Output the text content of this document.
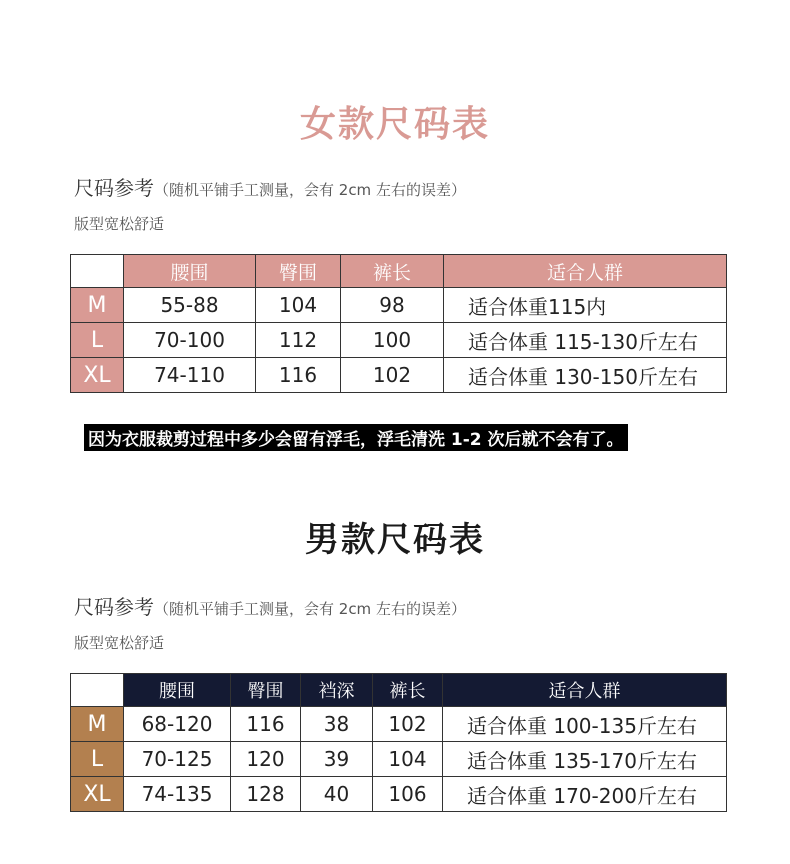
女款尺码表
尺码参考（随机平铺手工测量，会有 2cm 左右的误差）
版型宽松舒适
	腰围	臀围	裤长	适合人群
M	55-88	104	98	适合体重115内
L	70-100	112	100	适合体重 115-130斤左右
XL	74-110	116	102	适合体重 130-150斤左右
因为衣服裁剪过程中多少会留有浮毛，浮毛清洗 1-2 次后就不会有了。
男款尺码表
尺码参考（随机平铺手工测量，会有 2cm 左右的误差）
版型宽松舒适
	腰围	臀围	裆深	裤长	适合人群
M	68-120	116	38	102	适合体重 100-135斤左右
L	70-125	120	39	104	适合体重 135-170斤左右
XL	74-135	128	40	106	适合体重 170-200斤左右
